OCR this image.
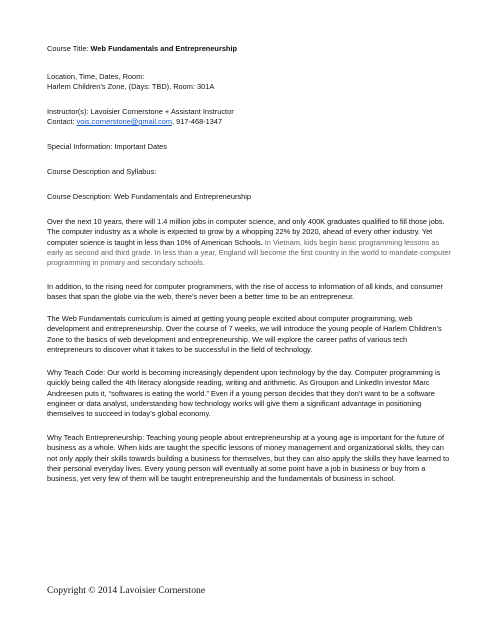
Course Title: Web Fundamentals and Entrepreneurship
Location, Time, Dates, Room:
Harlem Children’s Zone, (Days: TBD), Room: 301A
Instructor(s): Lavoisier Cornerstone + Assistant Instructor
Contact: vois.cornerstone@gmail.com, 917-468-1347
Special Information: Important Dates
Course Description and Syllabus:
Course Description: Web Fundamentals and Entrepreneurship
Over the next 10 years, there will 1.4 million jobs in computer science, and only 400K graduates qualified to fill those jobs. The computer industry as a whole is expected to grow by a whopping 22% by 2020, ahead of every other industry. Yet computer science is taught in less than 10% of American Schools. In Vietnam, kids begin basic programming lessons as early as second and third grade. In less than a year, England will become the first country in the world to mandate computer programming in primary and secondary schools.
In addition, to the rising need for computer programmers, with the rise of access to information of all kinds, and consumer bases that span the globe via the web, there’s never been a better time to be an entrepreneur.
The Web Fundamentals curriculum is aimed at getting young people excited about computer programming, web development and entrepreneurship. Over the course of 7 weeks, we will introduce the young people of Harlem Children’s Zone to the basics of web development and entrepreneurship. We will explore the career paths of various tech entrepreneurs to discover what it takes to be successful in the field of technology.
Why Teach Code: Our world is becoming increasingly dependent upon technology by the day. Computer programming is quickly being called the 4th literacy alongside reading, writing and arithmetic. As Groupon and LinkedIn investor Marc Andreesen puts it, “softwares is eating the world.” Even if a young person decides that they don’t want to be a software engineer or data analyst, understanding how technology works will give them a significant advantage in positioning themselves to succeed in today’s global economy.
Why Teach Entrepreneurship: Teaching young people about entrepreneurship at a young age is important for the future of business as a whole. When kids are taught the specific lessons of money management and organizational skills, they can not only apply their skills towards building a business for themselves, but they can also apply the skills they have learned to their personal everyday lives. Every young person will eventually at some point have a job in business or buy from a business, yet very few of them will be taught entrepreneurship and the fundamentals of business in school.
Copyright © 2014 Lavoisier Cornerstone
